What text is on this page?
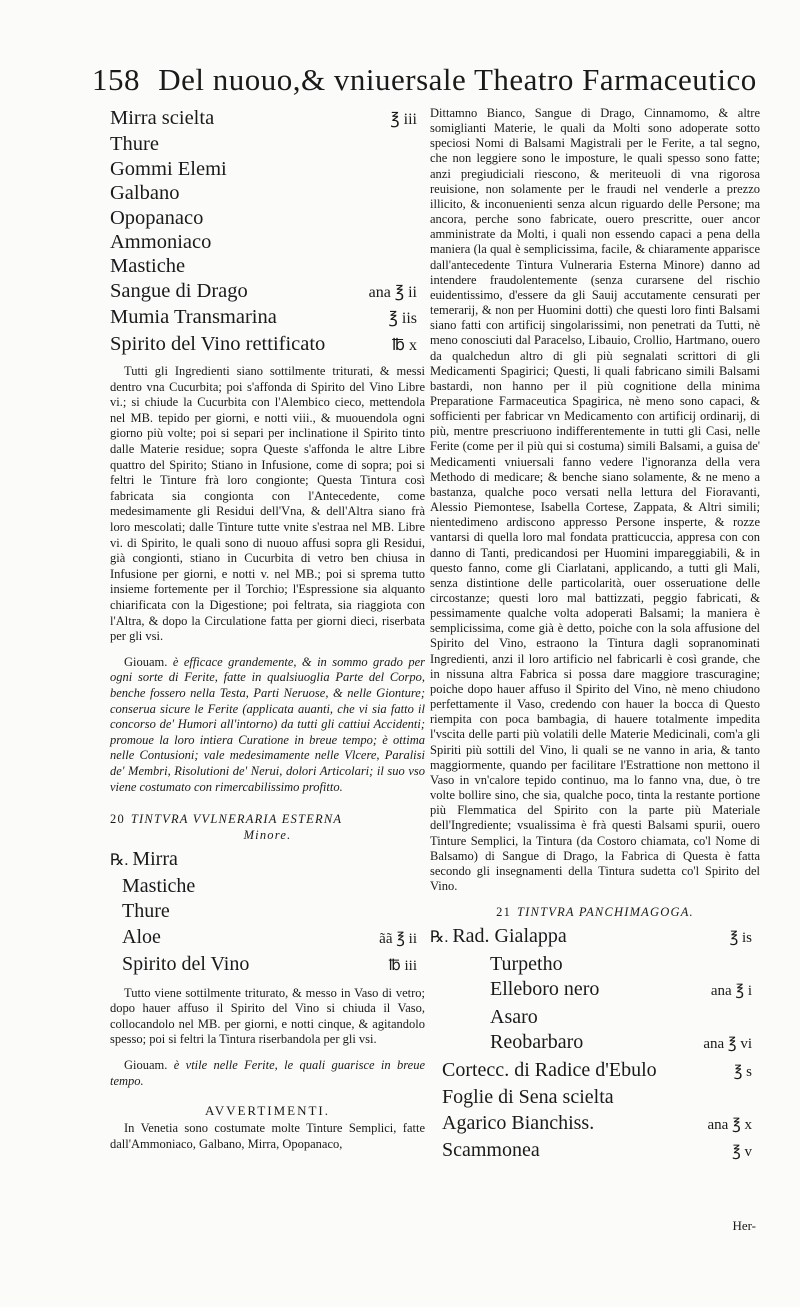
158 Del nuouo,& vniuersale Theatro Farmaceutico
Mirra scielta	℥ iii
Thure
Gommi Elemi
Galbano
Opopanaco
Ammoniaco
Mastiche
Sangue di Drago	ana ℥ ii
Mumia Transmarina	℥ iis
Spirito del Vino rettificato	℔ x

Tutti gli Ingredienti siano sottilmente triturati, & messi dentro vna Cucurbita; poi s'affonda di Spirito del Vino Libre vi.; si chiude la Cucurbita con l'Alembico cieco, mettendola nel MB. tepido per giorni, e notti viii., & muouendola ogni giorno più volte; poi si separi per inclinatione il Spirito tinto dalle Materie residue; sopra Queste s'affonda le altre Libre quattro del Spirito; Stiano in Infusione, come di sopra; poi si feltri le Tinture frà loro congionte; Questa Tintura così fabricata sia congionta con l'Antecedente, come medesimamente gli Residui dell'Vna, & dell'Altra siano frà loro mescolati; dalle Tinture tutte vnite s'estraa nel MB. Libre vi. di Spirito, le quali sono di nuouo affusi sopra gli Residui, già congionti, stiano in Cucurbita di vetro ben chiusa in Infusione per giorni, e notti v. nel MB.; poi si sprema tutto insieme fortemente per il Torchio; l'Espressione sia alquanto chiarificata con la Digestione; poi feltrata, sia riaggiota con l'Altra, & dopo la Circulatione fatta per giorni dieci, riserbata per gli vsi.

Giouam. è efficace grandemente, & in sommo grado per ogni sorte di Ferite, fatte in qualsiuoglia Parte del Corpo, benche fossero nella Testa, Parti Neruose, & nelle Gionture; conserua sicure le Ferite (applicata auanti, che vi sia fatto il concorso de' Humori all'intorno) da tutti gli cattiui Accidenti; promoue la loro intiera Curatione in breue tempo; è ottima nelle Contusioni; vale medesimamente nelle Vlcere, Paralisi de' Membri, Risolutioni de' Nerui, dolori Articolari; il suo vso viene costumato con rimercabilissimo profitto.

20 TINTVRA VVLNERARIA ESTERNA
Minore.
℞. Mirra
Mastiche
Thure
Aloe	ãã ℥ ii
Spirito del Vino	℔ iii

Tutto viene sottilmente triturato, & messo in Vaso di vetro; dopo hauer affuso il Spirito del Vino si chiuda il Vaso, collocandolo nel MB. per giorni, e notti cinque, & agitandolo spesso; poi si feltri la Tintura riserbandola per gli vsi.

Giouam. è vtile nelle Ferite, le quali guarisce in breue tempo.

AVVERTIMENTI.

In Venetia sono costumate molte Tinture Semplici, fatte dall'Ammoniaco, Galbano, Mirra, Opopanaco,

Dittamno Bianco, Sangue di Drago, Cinnamomo, & altre somiglianti Materie, le quali da Molti sono adoperate sotto speciosi Nomi di Balsami Magistrali per le Ferite, a tal segno, che non leggiere sono le imposture, le quali spesso sono fatte; anzi pregiudiciali riescono, & meriteuoli di vna rigorosa reuisione, non solamente per le fraudi nel venderle a prezzo illicito, & inconuenienti senza alcun riguardo delle Persone; ma ancora, perche sono fabricate, ouero prescritte, ouer ancor amministrate da Molti, i quali non essendo capaci a pena della maniera (la qual è semplicissima, facile, & chiaramente apparisce dall'antecedente Tintura Vulneraria Esterna Minore) danno ad intendere fraudolentemente (senza curarsene del rischio euidentissimo, d'essere da gli Sauij accutamente censurati per temerarij, & non per Huomini dotti) che questi loro finti Balsami siano fatti con artificij singolarissimi, non penetrati da Tutti, nè meno conosciuti dal Paracelso, Libauio, Crollio, Hartmano, ouero da qualchedun altro di gli più segnalati scrittori di gli Medicamenti Spagirici; Questi, li quali fabricano simili Balsami bastardi, non hanno per il più cognitione della minima Preparatione Farmaceutica Spagirica, nè meno sono capaci, & sofficienti per fabricar vn Medicamento con artificij ordinarij, di più, mentre prescriuono indifferentemente in tutti gli Casi, nelle Ferite (come per il più qui si costuma) simili Balsami, a guisa de' Medicamenti vniuersali fanno vedere l'ignoranza della vera Methodo di medicare; & benche siano solamente, & ne meno a bastanza, qualche poco versati nella lettura del Fioravanti, Alessio Piemontese, Isabella Cortese, Zappata, & Altri simili; nientedimeno ardiscono appresso Persone insperte, & rozze vantarsi di quella loro mal fondata pratticuccia, appresa con con danno di Tanti, predicandosi per Huomini impareggiabili, & in questo fanno, come gli Ciarlatani, applicando, a tutti gli Mali, senza distintione delle particolarità, ouer osseruatione delle circostanze; questi loro mal battizzati, peggio fabricati, & pessimamente qualche volta adoperati Balsami; la maniera è semplicissima, come già è detto, poiche con la sola affusione del Spirito del Vino, estraono la Tintura dagli sopranominati Ingredienti, anzi il loro artificio nel fabricarli è così grande, che in nissuna altra Fabrica si possa dare maggiore trascuragine; poiche dopo hauer affuso il Spirito del Vino, nè meno chiudono perfettamente il Vaso, credendo con hauer la bocca di Questo riempita con poca bambagia, di hauere totalmente impedita l'vscita delle parti più volatili delle Materie Medicinali, com'a gli Spiriti più sottili del Vino, li quali se ne vanno in aria, & tanto maggiormente, quando per facilitare l'Estrattione non mettono il Vaso in vn'calore tepido continuo, ma lo fanno vna, due, ò tre volte bollire sino, che sia, qualche poco, tinta la restante portione più Flemmatica del Spirito con la parte più Materiale dell'Ingrediente; vsualissima è frà questi Balsami spurii, ouero Tinture Semplici, la Tintura (da Costoro chiamata, co'l Nome di Balsamo) di Sangue di Drago, la Fabrica di Questa è fatta secondo gli insegnamenti della Tintura sudetta co'l Spirito del Vino.

21 TINTVRA PANCHIMAGOGA.
℞. Rad. Gialappa	℥ is
Turpetho
Elleboro nero	ana ℥ i
Asaro
Reobarbaro	ana ℥ vi
Cortecc. di Radice d'Ebulo	℥ s
Foglie di Sena scielta
Agarico Bianchiss.	ana ℥ x
Scammonea	℥ v
Her-
